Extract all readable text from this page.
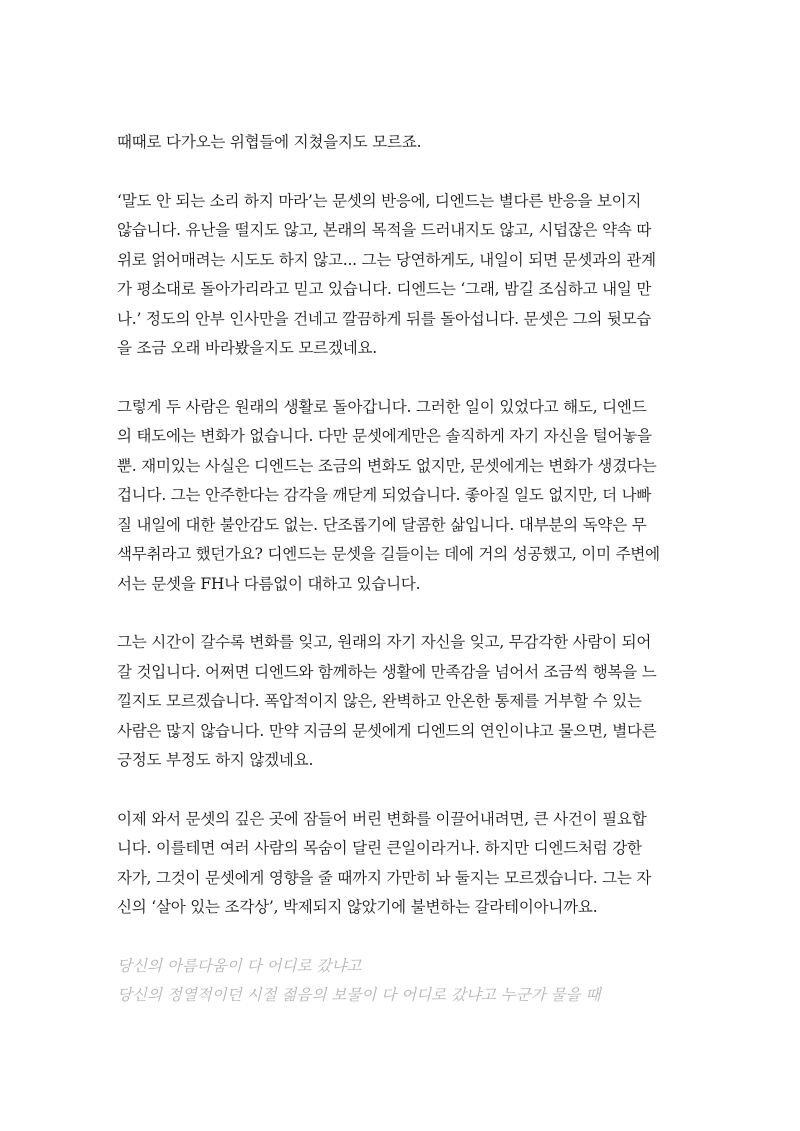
때때로 다가오는 위협들에 지쳤을지도 모르죠.

‘말도 안 되는 소리 하지 마라’는 문셋의 반응에, 디엔드는 별다른 반응을 보이지
않습니다. 유난을 떨지도 않고, 본래의 목적을 드러내지도 않고, 시덥잖은 약속 따
위로 얽어매려는 시도도 하지 않고... 그는 당연하게도, 내일이 되면 문셋과의 관계
가 평소대로 돌아가리라고 믿고 있습니다. 디엔드는 ‘그래, 밤길 조심하고 내일 만
나.’ 정도의 안부 인사만을 건네고 깔끔하게 뒤를 돌아섭니다. 문셋은 그의 뒷모습
을 조금 오래 바라봤을지도 모르겠네요.

그렇게 두 사람은 원래의 생활로 돌아갑니다. 그러한 일이 있었다고 해도, 디엔드
의 태도에는 변화가 없습니다. 다만 문셋에게만은 솔직하게 자기 자신을 털어놓을
뿐. 재미있는 사실은 디엔드는 조금의 변화도 없지만, 문셋에게는 변화가 생겼다는
겁니다. 그는 안주한다는 감각을 깨닫게 되었습니다. 좋아질 일도 없지만, 더 나빠
질 내일에 대한 불안감도 없는. 단조롭기에 달콤한 삶입니다. 대부분의 독약은 무
색무취라고 했던가요? 디엔드는 문셋을 길들이는 데에 거의 성공했고, 이미 주변에
서는 문셋을 FH나 다름없이 대하고 있습니다.

그는 시간이 갈수록 변화를 잊고, 원래의 자기 자신을 잊고, 무감각한 사람이 되어
갈 것입니다. 어쩌면 디엔드와 함께하는 생활에 만족감을 넘어서 조금씩 행복을 느
낄지도 모르겠습니다. 폭압적이지 않은, 완벽하고 안온한 통제를 거부할 수 있는
사람은 많지 않습니다. 만약 지금의 문셋에게 디엔드의 연인이냐고 물으면, 별다른
긍정도 부정도 하지 않겠네요.

이제 와서 문셋의 깊은 곳에 잠들어 버린 변화를 이끌어내려면, 큰 사건이 필요합
니다. 이를테면 여러 사람의 목숨이 달린 큰일이라거나. 하지만 디엔드처럼 강한
자가, 그것이 문셋에게 영향을 줄 때까지 가만히 놔 둘지는 모르겠습니다. 그는 자
신의 ‘살아 있는 조각상’, 박제되지 않았기에 불변하는 갈라테이아니까요.

당신의 아름다움이 다 어디로 갔냐고
당신의 정열적이던 시절 젊음의 보물이 다 어디로 갔냐고 누군가 물을 때
